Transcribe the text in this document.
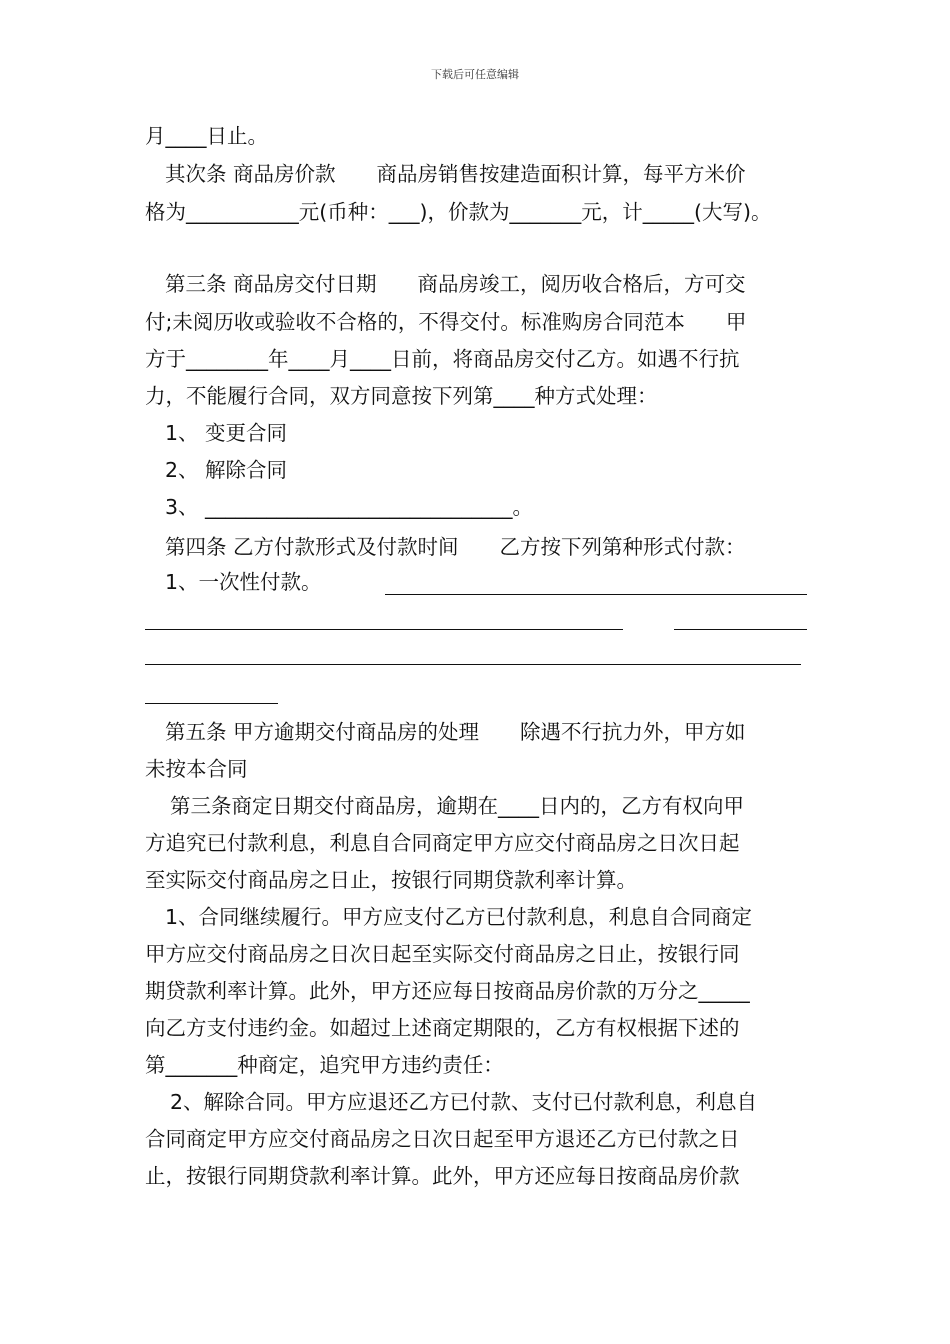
下载后可任意编辑
月____日止。
其次条 商品房价款　　商品房销售按建造面积计算，每平方米价
格为___________元(币种：___)，价款为_______元，计_____(大写)。
第三条 商品房交付日期　　商品房竣工，阅历收合格后，方可交
付;未阅历收或验收不合格的，不得交付。标准购房合同范本　　甲
方于________年____月____日前，将商品房交付乙方。如遇不行抗
力，不能履行合同，双方同意按下列第____种方式处理：
1、 变更合同
2、 解除合同
3、 ______________________________。
第四条 乙方付款形式及付款时间　　乙方按下列第种形式付款：
1、一次性付款。
第五条 甲方逾期交付商品房的处理　　除遇不行抗力外，甲方如
未按本合同
第三条商定日期交付商品房，逾期在____日内的，乙方有权向甲
方追究已付款利息，利息自合同商定甲方应交付商品房之日次日起
至实际交付商品房之日止，按银行同期贷款利率计算。
1、合同继续履行。甲方应支付乙方已付款利息，利息自合同商定
甲方应交付商品房之日次日起至实际交付商品房之日止，按银行同
期贷款利率计算。此外，甲方还应每日按商品房价款的万分之_____
向乙方支付违约金。如超过上述商定期限的，乙方有权根据下述的
第_______种商定，追究甲方违约责任：
2、解除合同。甲方应退还乙方已付款、支付已付款利息，利息自
合同商定甲方应交付商品房之日次日起至甲方退还乙方已付款之日
止，按银行同期贷款利率计算。此外，甲方还应每日按商品房价款
